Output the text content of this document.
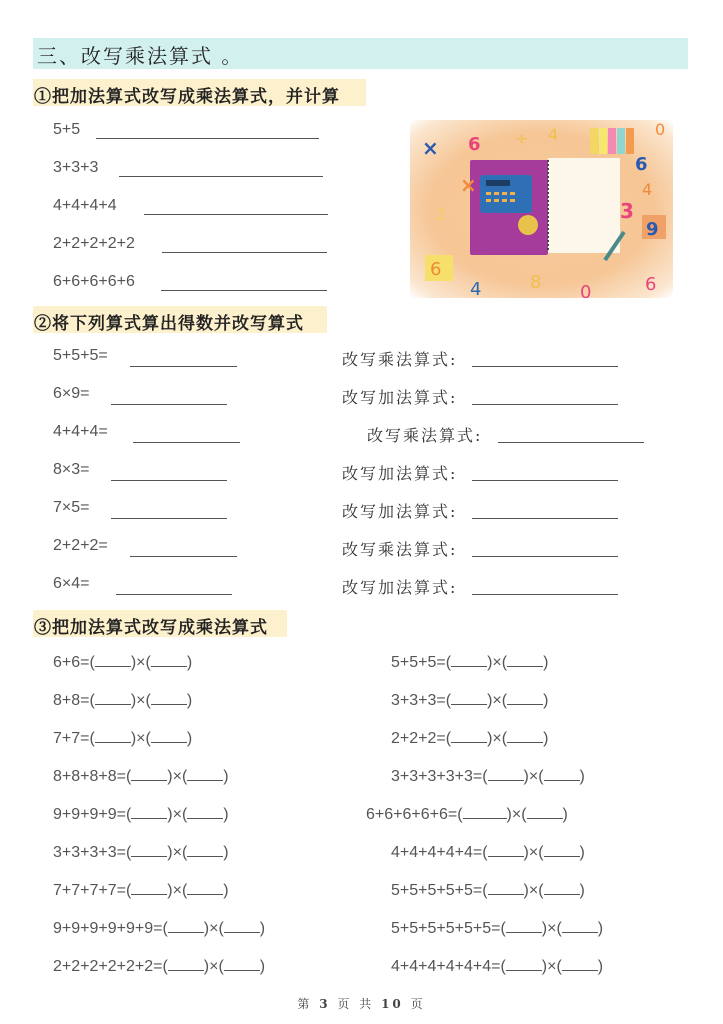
三、改写乘法算式 。
①把加法算式改写成乘法算式，并计算
5+5
3+3+3
4+4+4+4
2+2+2+2+2
6+6+6+6+6
× 6 ÷ 4
6
4
3
9
2
6
4	8 0	6
0
×
②将下列算式算出得数并改写算式
5+5+5=	改写乘法算式:
6×9=	改写加法算式:
4+4+4=	改写乘法算式:
8×3=	改写加法算式:
7×5=	改写加法算式:
2+2+2=	改写乘法算式:
6×4=	改写加法算式:
③把加法算式改写成乘法算式
6+6=( )×( )
8+8=( )×( )
7+7=( )×( )
8+8+8+8=( )×( )
9+9+9+9=( )×( )
3+3+3+3=( )×( )
7+7+7+7=( )×( )
9+9+9+9+9+9=( )×( )
2+2+2+2+2+2=( )×( )
5+5+5=( )×( )
3+3+3=( )×( )
2+2+2=( )×( )
3+3+3+3+3=( )×( )
6+6+6+6+6=(	)×( )
4+4+4+4+4=( )×( )
5+5+5+5+5=( )×( )
5+5+5+5+5+5=( )×( )
4+4+4+4+4+4=( )×( )
第 3 页 共 10 页
